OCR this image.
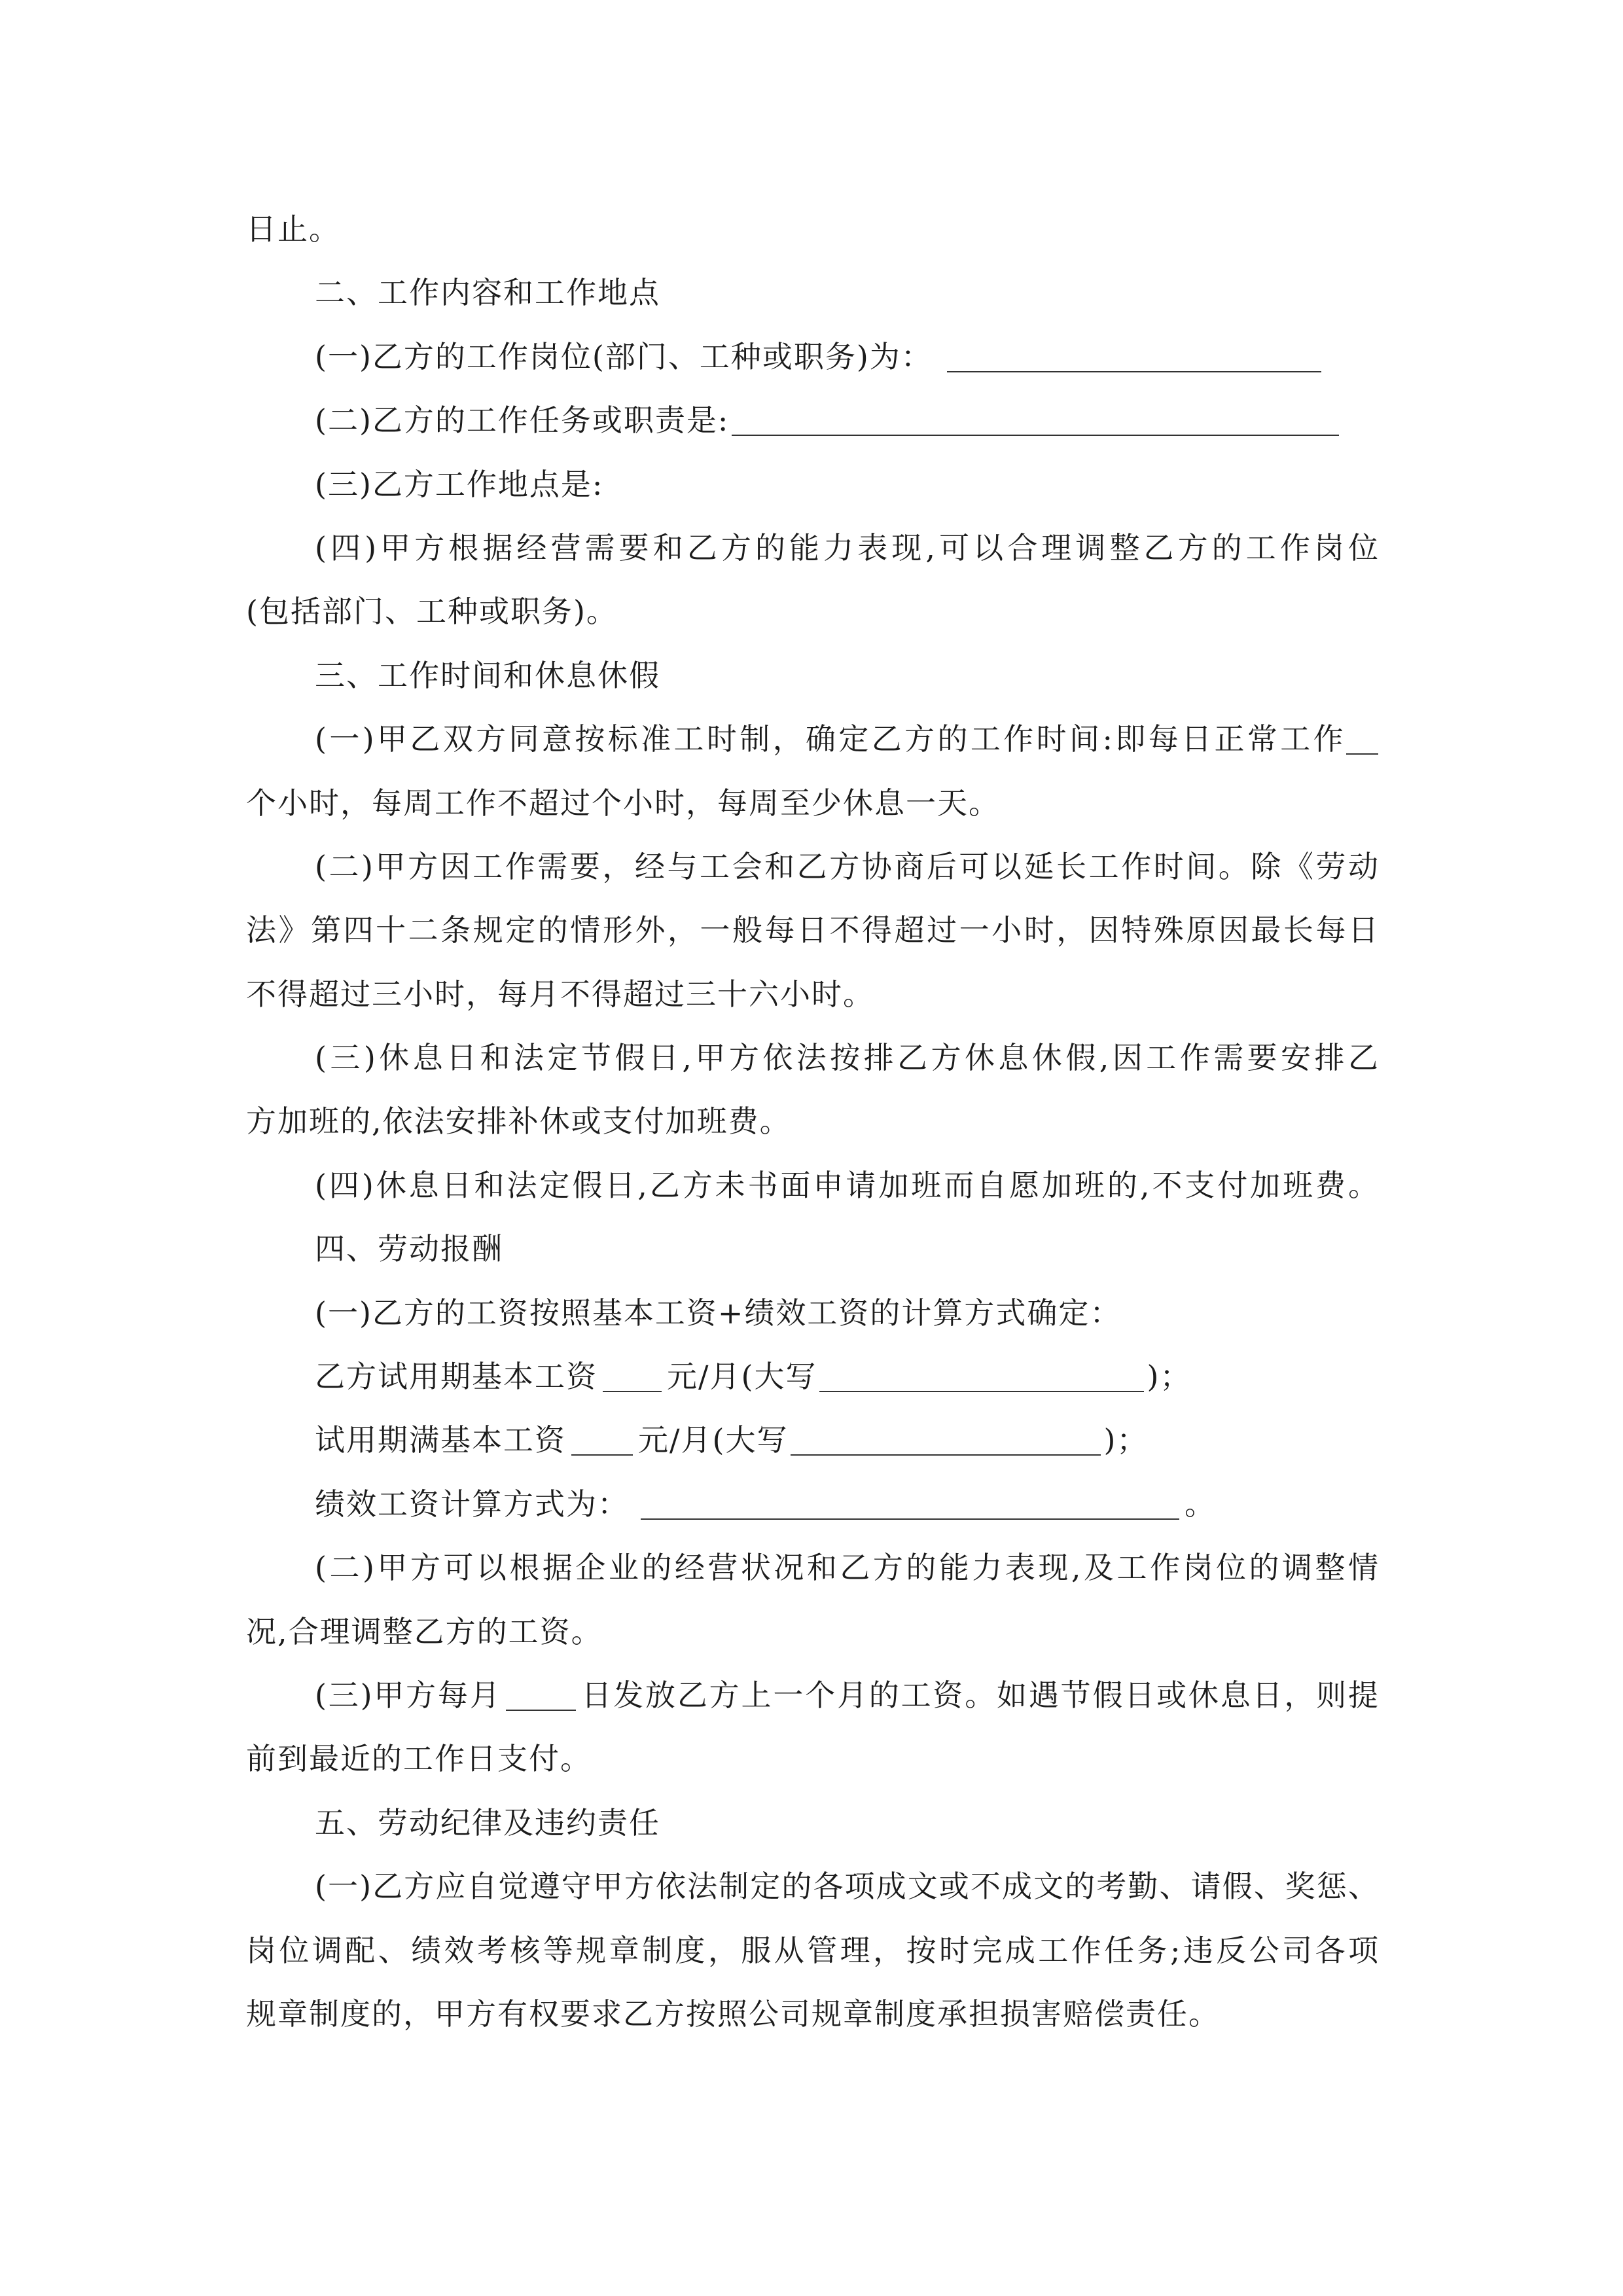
日止。
二、工作内容和工作地点
(一)乙方的工作岗位(部门、工种或职务)为：
(二)乙方的工作任务或职责是:
(三)乙方工作地点是:
(四)甲方根据经营需要和乙方的能力表现,可以合理调整乙方的工作岗位
(包括部门、工种或职务)。
三、工作时间和休息休假
(一)甲乙双方同意按标准工时制，确定乙方的工作时间:即每日正常工作
个小时，每周工作不超过个小时，每周至少休息一天。
(二)甲方因工作需要，经与工会和乙方协商后可以延长工作时间。除《劳动
法》第四十二条规定的情形外，一般每日不得超过一小时，因特殊原因最长每日
不得超过三小时，每月不得超过三十六小时。
(三)休息日和法定节假日,甲方依法按排乙方休息休假,因工作需要安排乙
方加班的,依法安排补休或支付加班费。
(四)休息日和法定假日,乙方未书面申请加班而自愿加班的,不支付加班费。
四、劳动报酬
(一)乙方的工资按照基本工资+绩效工资的计算方式确定：
乙方试用期基本工资 元/月(大写	)；
试用期满基本工资 元/月(大写	)；
绩效工资计算方式为：	。
(二)甲方可以根据企业的经营状况和乙方的能力表现,及工作岗位的调整情
况,合理调整乙方的工资。
(三)甲方每月	日发放乙方上一个月的工资。如遇节假日或休息日，则提
前到最近的工作日支付。
五、劳动纪律及违约责任
(一)乙方应自觉遵守甲方依法制定的各项成文或不成文的考勤、请假、奖惩、
岗位调配、绩效考核等规章制度，服从管理，按时完成工作任务;违反公司各项
规章制度的，甲方有权要求乙方按照公司规章制度承担损害赔偿责任。
